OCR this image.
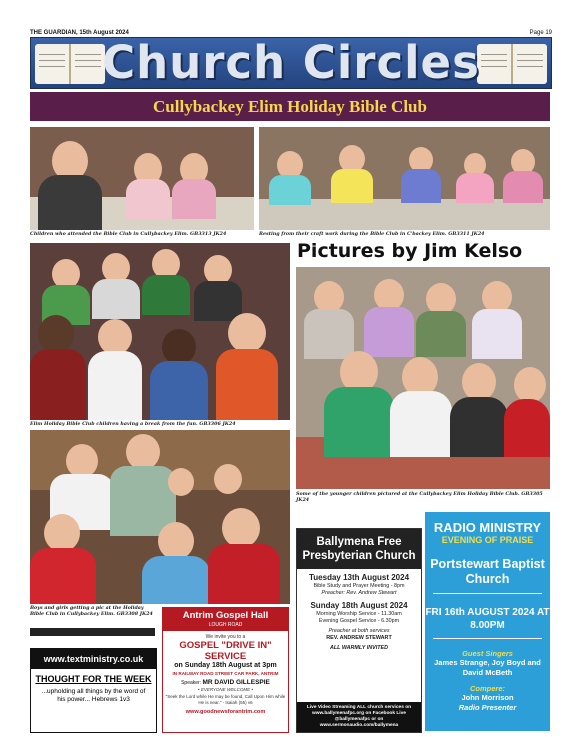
THE GUARDIAN, 15th August 2024	Page 19
Church Circles
Cullybackey Elim Holiday Bible Club
Children who attended the Bible Club in Cullybackey Elim. GB3313 JK24	Resting from their craft work during the Bible Club in C'backey Elim. GB3311 JK24
Elim Holiday Bible Club children having a break from the fun. GB3306 JK24
Pictures by Jim Kelso
Some of the younger children pictured at the Cullybackey Elim Holiday Bible Club. GB3305 JK24
Boys and girls getting a pic at the Holiday Bible Club in Cullybackey Elim. GB3308 JK24
Ballymena Free Presbyterian Church
Tuesday 13th August 2024
Bible Study and Prayer Meeting - 8pm
Preacher: Rev. Andrew Stewart
Sunday 18th August 2024
Morning Worship Service - 11.30am
Evening Gospel Service - 6.30pm
Preacher at both services
REV. ANDREW STEWART
ALL WARMLY INVITED
Live Video Streaming ALL church services on www.ballymenafpc.org on Facebook Live @ballymenafpc or on www.sermonaudio.com/ballymena
RADIO MINISTRY
EVENING OF PRAISE
Portstewart Baptist Church
FRI 16th AUGUST 2024 AT 8.00PM
Guest Singers
James Strange, Joy Boyd and David McBeth
Compere:
John Morrison
Radio Presenter
www.textministry.co.uk
THOUGHT FOR THE WEEK
...upholding all things by the word of his power... Hebrews 1v3
Antrim Gospel Hall
LOUGH ROAD
We invite you to a
GOSPEL "DRIVE IN" SERVICE
on Sunday 18th August at 3pm
IN RAILWAY ROAD STREET CAR PARK, ANTRIM
Speaker: MR DAVID GILLESPIE
• EVERYONE WELCOME •
"Seek the Lord while He may be found, Call Upon Him while He is near." - Isaiah (55) v6
www.goodnewsforantrim.com
